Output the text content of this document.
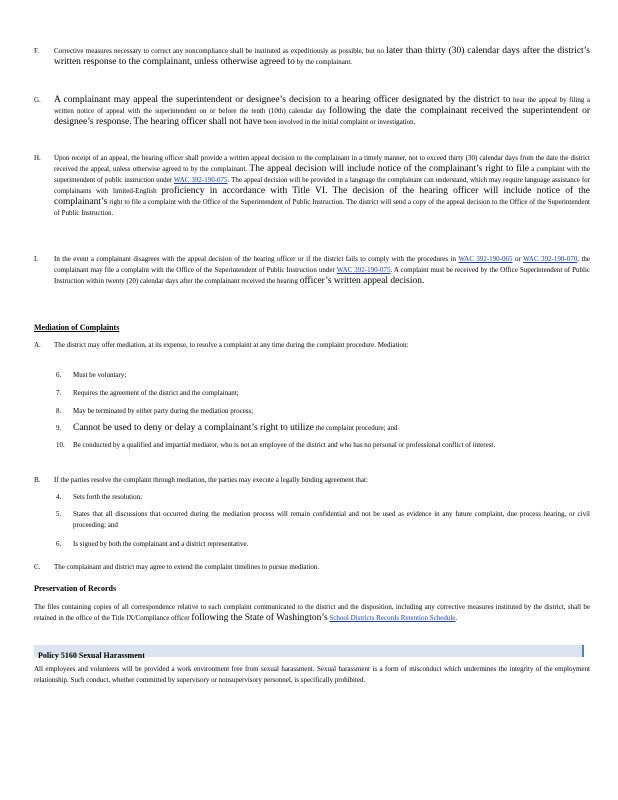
F.	Corrective measures necessary to correct any noncompliance shall be instituted as expeditiously as possible, but no later than thirty (30) calendar days after the district’s written response to the complainant, unless otherwise agreed to by the complainant.
G.	A complainant may appeal the superintendent or designee’s decision to a hearing officer designated by the district to hear the appeal by filing a written notice of appeal with the superintendent on or before the tenth (10th) calendar day following the date the complainant received the superintendent or designee’s response. The hearing officer shall not have been involved in the initial complaint or investigation.
H.	Upon receipt of an appeal, the hearing officer shall provide a written appeal decision to the complainant in a timely manner, not to exceed thirty (30) calendar days from the date the district received the appeal, unless otherwise agreed to by the complainant. The appeal decision will include notice of the complainant’s right to file a complaint with the superintendent of public instruction under WAC 392-190-075. The appeal decision will be provided in a language the complainant can understand, which may require language assistance for complainants with limited-English proficiency in accordance with Title VI. The decision of the hearing officer will include notice of the complainant’s right to file a complaint with the Office of the Superintendent of Public Instruction. The district will send a copy of the appeal decision to the Office of the Superintendent of Public Instruction.
I.	In the event a complainant disagrees with the appeal decision of the hearing officer or if the district fails to comply with the procedures in WAC 392-190-065 or WAC 392-190-070, the complainant may file a complaint with the Office of the Superintendent of Public Instruction under WAC 392-190-075. A complaint must be received by the Office Superintendent of Public Instruction within twenty (20) calendar days after the complainant received the hearing officer’s written appeal decision.
Mediation of Complaints
A.	The district may offer mediation, at its expense, to resolve a complaint at any time during the complaint procedure. Mediation:
6. Must be voluntary;
7. Requires the agreement of the district and the complainant;
8. May be terminated by either party during the mediation process;
9. Cannot be used to deny or delay a complainant’s right to utilize the complaint procedure; and
10. Be conducted by a qualified and impartial mediator, who is not an employee of the district and who has no personal or professional conflict of interest.
B.	If the parties resolve the complaint through mediation, the parties may execute a legally binding agreement that:
4. Sets forth the resolution;
5. States that all discussions that occurred during the mediation process will remain confidential and not be used as evidence in any future complaint, due process hearing, or civil proceeding; and
6. Is signed by both the complainant and a district representative.
C.	The complainant and district may agree to extend the complaint timelines to pursue mediation.
Preservation of Records
The files containing copies of all correspondence relative to each complaint communicated to the district and the disposition, including any corrective measures instituted by the district, shall be retained in the office of the Title IX/Compliance officer following the State of Washington’s School Districts Records Retention Schedule.
Policy 5160 Sexual Harassment
All employees and volunteers will be provided a work environment free from sexual harassment. Sexual harassment is a form of misconduct which undermines the integrity of the employment relationship. Such conduct, whether committed by supervisory or nonsupervisory personnel, is specifically prohibited.
